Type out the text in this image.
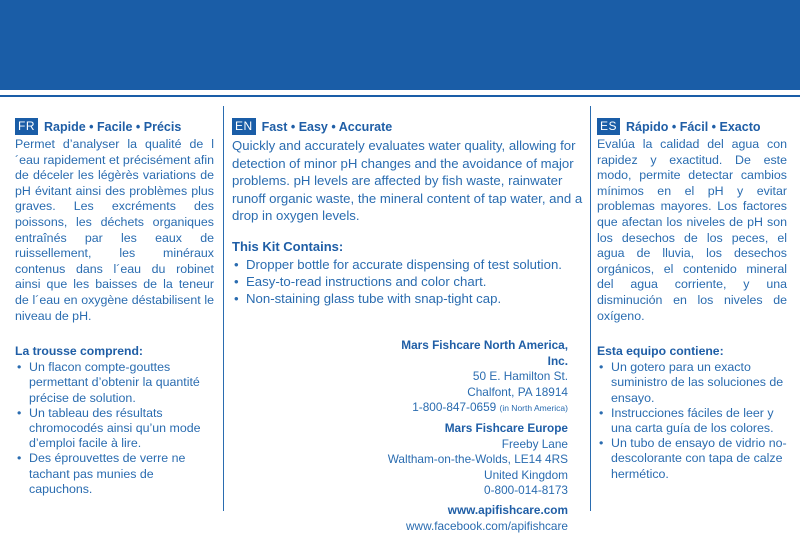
FR Rapide • Facile • Précis

Permet d’analyser la qualité de l´eau rapidement et précisément afin de déceler les légèrès variations de pH évitant ainsi des problèmes plus graves. Les excréments des poissons, les déchets organiques entraînés par les eaux de ruissellement, les minéraux contenus dans l´eau du robinet ainsi que les baisses de la teneur de l´eau en oxygène déstabilisent le niveau de pH.

La trousse comprend:
• Un flacon compte-gouttes permettant d’obtenir la quantité précise de solution.
• Un tableau des résultats chromocodés ainsi qu’un mode d’emploi facile à lire.
• Des éprouvettes de verre ne tachant pas munies de capuchons.
EN Fast • Easy • Accurate

Quickly and accurately evaluates water quality, allowing for detection of minor pH changes and the avoidance of major problems. pH levels are affected by fish waste, rainwater runoff organic waste, the mineral content of tap water, and a drop in oxygen levels.

This Kit Contains:
• Dropper bottle for accurate dispensing of test solution.
• Easy-to-read instructions and color chart.
• Non-staining glass tube with snap-tight cap.
Mars Fishcare North America, Inc.
50 E. Hamilton St.
Chalfont, PA 18914
1-800-847-0659 (in North America)
Mars Fishcare Europe
Freeby Lane
Waltham-on-the-Wolds, LE14 4RS
United Kingdom
0-800-014-8173
www.apifishcare.com
www.facebook.com/apifishcare
ES Rápido • Fácil • Exacto

Evalúa la calidad del agua con rapidez y exactitud. De este modo, permite detectar cambios mínimos en el pH y evitar problemas mayores. Los factores que afectan los niveles de pH son los desechos de los peces, el agua de lluvia, los desechos orgánicos, el contenido mineral del agua corriente, y una disminución en los niveles de oxígeno.

Esta equipo contiene:
• Un gotero para un exacto suministro de las soluciones de ensayo.
• Instrucciones fáciles de leer y una carta guía de los colores.
• Un tubo de ensayo de vidrio no-descolorante con tapa de calze hermético.
